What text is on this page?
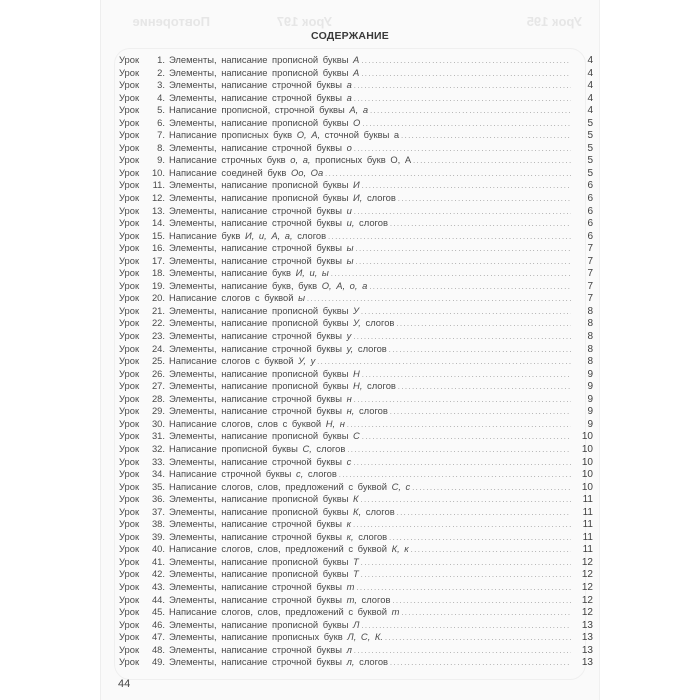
Урок 195
Урок 197
Повторение
СОДЕРЖАНИЕ
Урок	1. Элементы, написание прописной буквы А .....	4
Урок	2. Элементы, написание прописной буквы А .....	4
Урок	3. Элементы, написание строчной буквы а .....	4
Урок	4. Элементы, написание строчной буквы а .....	4
Урок	5. Написание прописной, строчной буквы А, а .....	4
Урок	6. Элементы, написание прописной буквы О .....	5
Урок	7. Написание прописных букв О, А, сточной буквы а .....	5
Урок	8. Элементы, написание строчной буквы о .....	5
Урок	9. Написание строчных букв о, а, прописных букв О, А .....	5
Урок	10. Написание соединей букв Оо, Оа .....	5
Урок	11. Элементы, написание прописной буквы И .....	6
Урок	12. Элементы, написание прописной буквы И, слогов .....	6
Урок	13. Элементы, написание строчной буквы и .....	6
Урок	14. Элементы, написание строчной буквы и, слогов .....	6
Урок	15. Написание букв И, и, А, а, слогов .....	6
Урок	16. Элементы, написание строчной буквы ы .....	7
Урок	17. Элементы, написание строчной буквы ы .....	7
Урок	18. Элементы, написание букв И, и, ы .....	7
Урок	19. Элементы, написание букв, букв О, А, о, а .....	7
Урок	20. Написание слогов с буквой ы .....	7
Урок	21. Элементы, написание прописной буквы У .....	8
Урок	22. Элементы, написание прописной буквы У, слогов .....	8
Урок	23. Элементы, написание строчной буквы у .....	8
Урок	24. Элементы, написание строчной буквы у, слогов .....	8
Урок	25. Написание слогов с буквой У, у .....	8
Урок	26. Элементы, написание прописной буквы Н .....	9
Урок	27. Элементы, написание прописной буквы Н, слогов .....	9
Урок	28. Элементы, написание строчной буквы н .....	9
Урок	29. Элементы, написание строчной буквы н, слогов .....	9
Урок	30. Написание слогов, слов с буквой Н, н .....	9
Урок	31. Элементы, написание прописной буквы С .....	10
Урок	32. Написание прописной буквы С, слогов .....	10
Урок	33. Элементы, написание строчной буквы с .....	10
Урок	34. Написание строчной буквы с, слогов .....	10
Урок	35. Написание слогов, слов, предложений с буквой С, с .....	10
Урок	36. Элементы, написание прописной буквы К .....	11
Урок	37. Элементы, написание прописной буквы К, слогов .....	11
Урок	38. Элементы, написание строчной буквы к .....	11
Урок	39. Элементы, написание строчной буквы к, слогов .....	11
Урок	40. Написание слогов, слов, предложений с буквой К, к .....	11
Урок	41. Элементы, написание прописной буквы Т .....	12
Урок	42. Элементы, написание прописной буквы Т .....	12
Урок	43. Элементы, написание строчной буквы т .....	12
Урок	44. Элементы, написание строчной буквы т, слогов .....	12
Урок	45. Написание слогов, слов, предложений с буквой т .....	12
Урок	46. Элементы, написание прописной буквы Л .....	13
Урок	47. Элементы, написание прописных букв Л, С, К. .....	13
Урок	48. Элементы, написание строчной буквы л .....	13
Урок	49. Элементы, написание строчной буквы л, слогов .....	13
44
